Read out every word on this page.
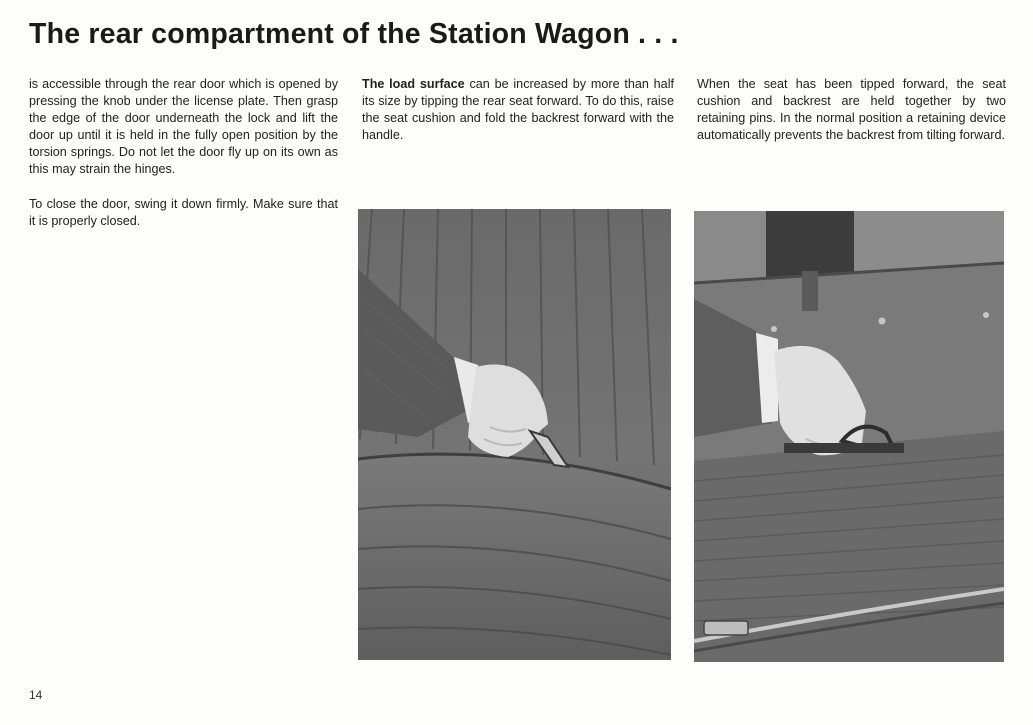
The rear compartment of the Station Wagon . . .

is accessible through the rear door which is opened by pressing the knob under the license plate. Then grasp the edge of the door underneath the lock and lift the door up until it is held in the fully open position by the torsion springs. Do not let the door fly up on its own as this may strain the hinges.

To close the door, swing it down firmly. Make sure that it is properly closed.

The load surface can be increased by more than half its size by tipping the rear seat forward. To do this, raise the seat cushion and fold the backrest forward with the handle.

When the seat has been tipped forward, the seat cushion and backrest are held together by two retaining pins. In the normal position a retaining device automatically prevents the backrest from tilting forward.

14
